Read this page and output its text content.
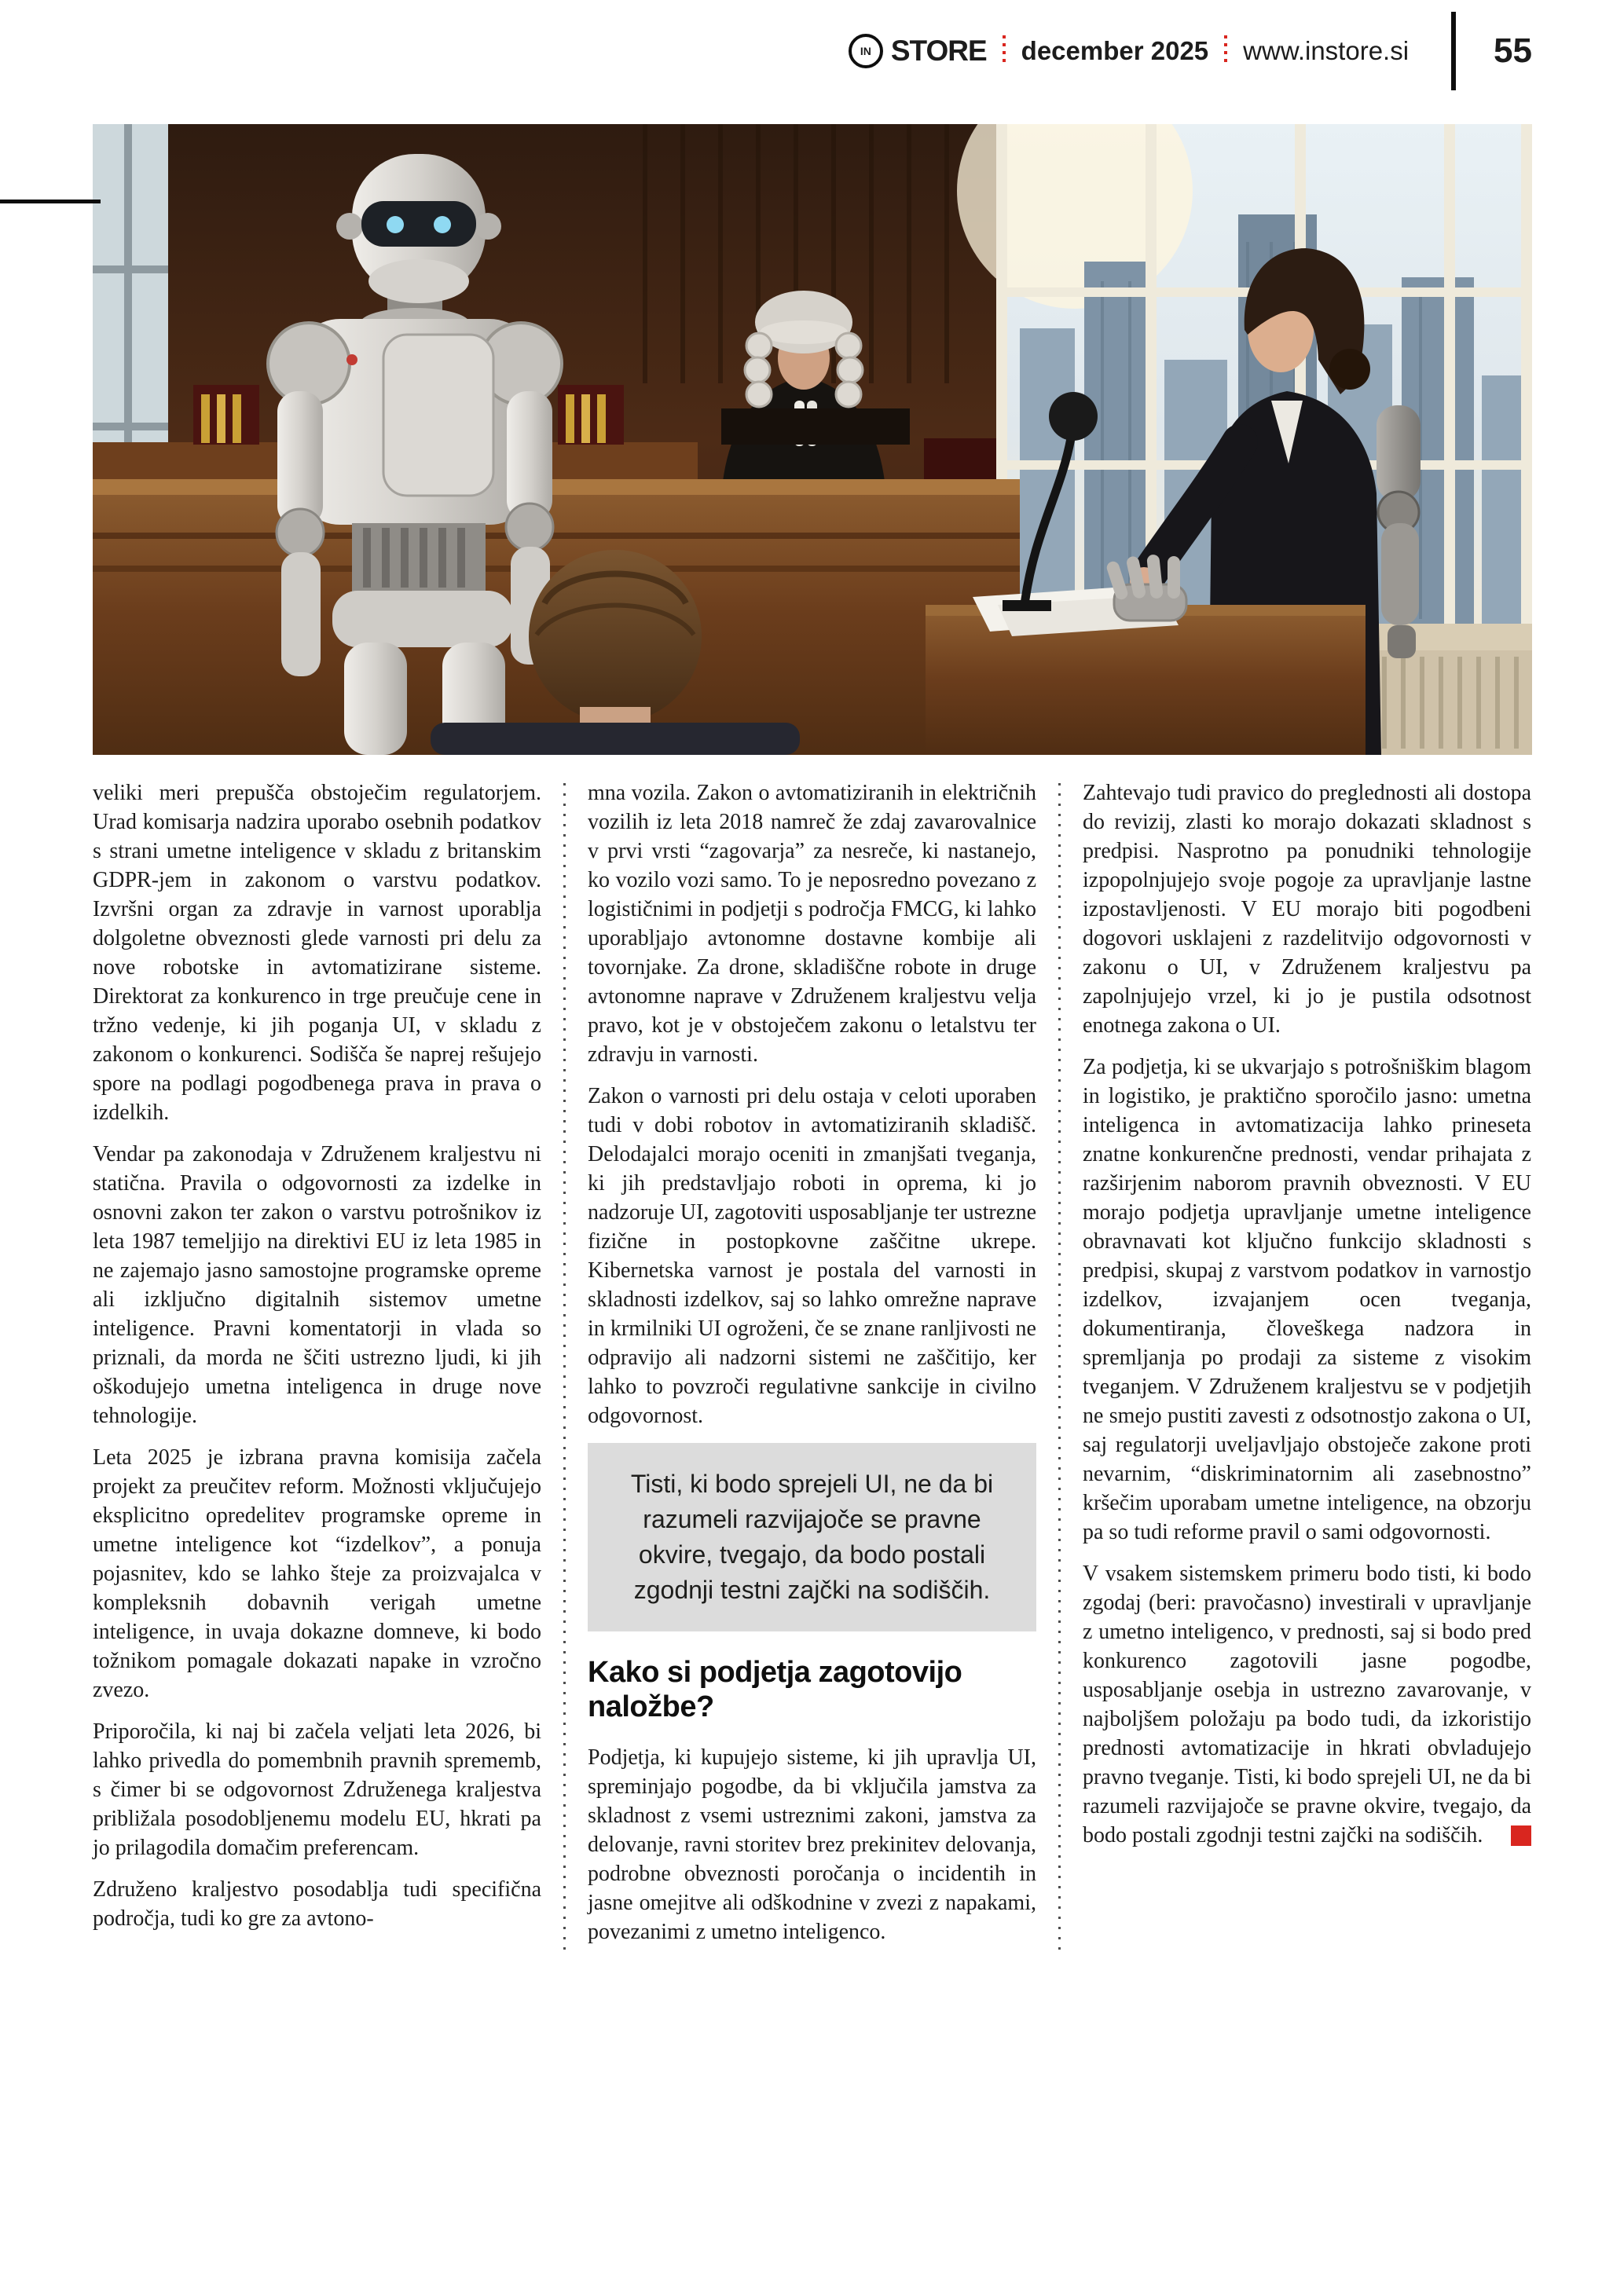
IN STORE december 2025 www.instore.si 55

veliki meri prepušča obstoječim regulatorjem. Urad komisarja nadzira uporabo osebnih podatkov s strani umetne inteligence v skladu z britanskim GDPR-jem in zakonom o varstvu podatkov. Izvršni organ za zdravje in varnost uporablja dolgoletne obveznosti glede varnosti pri delu za nove robotske in avtomatizirane sisteme. Direktorat za konkurenco in trge preučuje cene in tržno vedenje, ki jih poganja UI, v skladu z zakonom o konkurenci. Sodišča še naprej rešujejo spore na podlagi pogodbenega prava in prava o izdelkih.

Vendar pa zakonodaja v Združenem kraljestvu ni statična. Pravila o odgovornosti za izdelke in osnovni zakon ter zakon o varstvu potrošnikov iz leta 1987 temeljijo na direktivi EU iz leta 1985 in ne zajemajo jasno samostojne programske opreme ali izključno digitalnih sistemov umetne inteligence. Pravni komentatorji in vlada so priznali, da morda ne ščiti ustrezno ljudi, ki jih oškodujejo umetna inteligenca in druge nove tehnologije.

Leta 2025 je izbrana pravna komisija začela projekt za preučitev reform. Možnosti vključujejo eksplicitno opredelitev programske opreme in umetne inteligence kot “izdelkov”, a ponuja pojasnitev, kdo se lahko šteje za proizvajalca v kompleksnih dobavnih verigah umetne inteligence, in uvaja dokazne domneve, ki bodo tožnikom pomagale dokazati napake in vzročno zvezo.

Priporočila, ki naj bi začela veljati leta 2026, bi lahko privedla do pomembnih pravnih sprememb, s čimer bi se odgovornost Združenega kraljestva približala posodobljenemu modelu EU, hkrati pa jo prilagodila domačim preferencam.

Združeno kraljestvo posodablja tudi specifična področja, tudi ko gre za avtono-

mna vozila. Zakon o avtomatiziranih in električnih vozilih iz leta 2018 namreč že zdaj zavarovalnice v prvi vrsti “zagovarja” za nesreče, ki nastanejo, ko vozilo vozi samo. To je neposredno povezano z logističnimi in podjetji s področja FMCG, ki lahko uporabljajo avtonomne dostavne kombije ali tovornjake. Za drone, skladiščne robote in druge avtonomne naprave v Združenem kraljestvu velja pravo, kot je v obstoječem zakonu o letalstvu ter zdravju in varnosti.

Zakon o varnosti pri delu ostaja v celoti uporaben tudi v dobi robotov in avtomatiziranih skladišč. Delodajalci morajo oceniti in zmanjšati tveganja, ki jih predstavljajo roboti in oprema, ki jo nadzoruje UI, zagotoviti usposabljanje ter ustrezne fizične in postopkovne zaščitne ukrepe. Kibernetska varnost je postala del varnosti in skladnosti izdelkov, saj so lahko omrežne naprave in krmilniki UI ogroženi, če se znane ranljivosti ne odpravijo ali nadzorni sistemi ne zaščitijo, ker lahko to povzroči regulativne sankcije in civilno odgovornost.

Tisti, ki bodo sprejeli UI, ne da bi razumeli razvijajoče se pravne okvire, tvegajo, da bodo postali zgodnji testni zajčki na sodiščih.
Kako si podjetja zagotovijo naložbe?

Podjetja, ki kupujejo sisteme, ki jih upravlja UI, spreminjajo pogodbe, da bi vključila jamstva za skladnost z vsemi ustreznimi zakoni, jamstva za delovanje, ravni storitev brez prekinitev delovanja, podrobne obveznosti poročanja o incidentih in jasne omejitve ali odškodnine v zvezi z napakami, povezanimi z umetno inteligenco.

Zahtevajo tudi pravico do preglednosti ali dostopa do revizij, zlasti ko morajo dokazati skladnost s predpisi. Nasprotno pa ponudniki tehnologije izpopolnjujejo svoje pogoje za upravljanje lastne izpostavljenosti. V EU morajo biti pogodbeni dogovori usklajeni z razdelitvijo odgovornosti v zakonu o UI, v Združenem kraljestvu pa zapolnjujejo vrzel, ki jo je pustila odsotnost enotnega zakona o UI.

Za podjetja, ki se ukvarjajo s potrošniškim blagom in logistiko, je praktično sporočilo jasno: umetna inteligenca in avtomatizacija lahko prineseta znatne konkurenčne prednosti, vendar prihajata z razširjenim naborom pravnih obveznosti. V EU morajo podjetja upravljanje umetne inteligence obravnavati kot ključno funkcijo skladnosti s predpisi, skupaj z varstvom podatkov in varnostjo izdelkov, izvajanjem ocen tveganja, dokumentiranja, človeškega nadzora in spremljanja po prodaji za sisteme z visokim tveganjem. V Združenem kraljestvu se v podjetjih ne smejo pustiti zavesti z odsotnostjo zakona o UI, saj regulatorji uveljavljajo obstoječe zakone proti nevarnim, “diskriminatornim ali zasebnostno” kršečim uporabam umetne inteligence, na obzorju pa so tudi reforme pravil o sami odgovornosti.

V vsakem sistemskem primeru bodo tisti, ki bodo zgodaj (beri: pravočasno) investirali v upravljanje z umetno inteligenco, v prednosti, saj si bodo pred konkurenco zagotovili jasne pogodbe, usposabljanje osebja in ustrezno zavarovanje, v najboljšem položaju pa bodo tudi, da izkoristijo prednosti avtomatizacije in hkrati obvladujejo pravno tveganje. Tisti, ki bodo sprejeli UI, ne da bi razumeli razvijajoče se pravne okvire, tvegajo, da bodo postali zgodnji testni zajčki na sodiščih.
